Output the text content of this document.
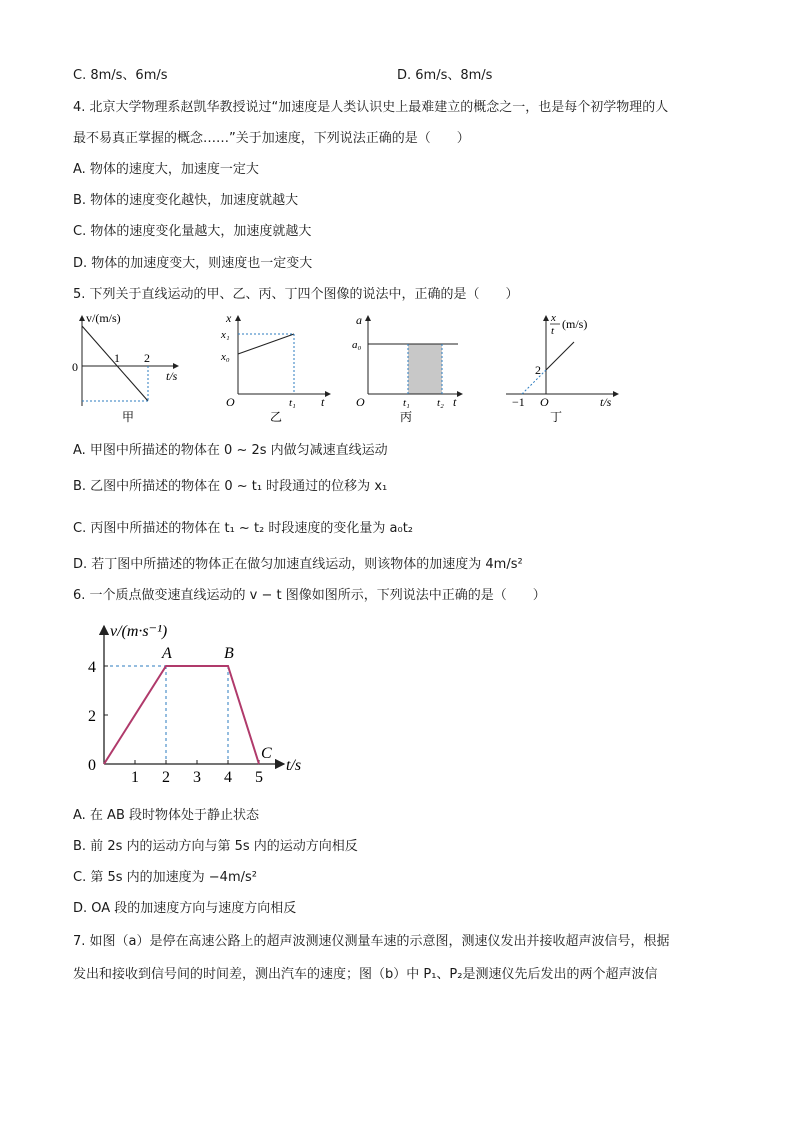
C. 8m/s、6m/s	D. 6m/s、8m/s
4. 北京大学物理系赵凯华教授说过“加速度是人类认识史上最难建立的概念之一，也是每个初学物理的人
最不易真正掌握的概念……”关于加速度，下列说法正确的是（　　）
A. 物体的速度大，加速度一定大
B. 物体的速度变化越快，加速度就越大
C. 物体的速度变化量越大，加速度就越大
D. 物体的加速度变大，则速度也一定变大
5. 下列关于直线运动的甲、乙、丙、丁四个图像的说法中，正确的是（　　）
v/(m/s)
0
1 2
t/s
甲
x
x₁
x₀
O	t₁ t
乙
a
a₀
O	t₁ t₂ t
丙
x
t (m/s)
2
−1 O	t/s
丁
A. 甲图中所描述的物体在 0 ~ 2s 内做匀减速直线运动
B. 乙图中所描述的物体在 0 ~ t₁ 时段通过的位移为 x₁
C. 丙图中所描述的物体在 t₁ ~ t₂ 时段速度的变化量为 a₀t₂
D. 若丁图中所描述的物体正在做匀加速直线运动，则该物体的加速度为 4m/s²
6. 一个质点做变速直线运动的 v − t 图像如图所示，下列说法中正确的是（　　）
v/(m·s⁻¹)
t/s
1 2 3 4 5
0
2
4
A	B
C
A. 在 AB 段时物体处于静止状态
B. 前 2s 内的运动方向与第 5s 内的运动方向相反
C. 第 5s 内的加速度为 −4m/s²
D. OA 段的加速度方向与速度方向相反
7. 如图（a）是停在高速公路上的超声波测速仪测量车速的示意图，测速仪发出并接收超声波信号，根据
发出和接收到信号间的时间差，测出汽车的速度；图（b）中 P₁、P₂是测速仪先后发出的两个超声波信
